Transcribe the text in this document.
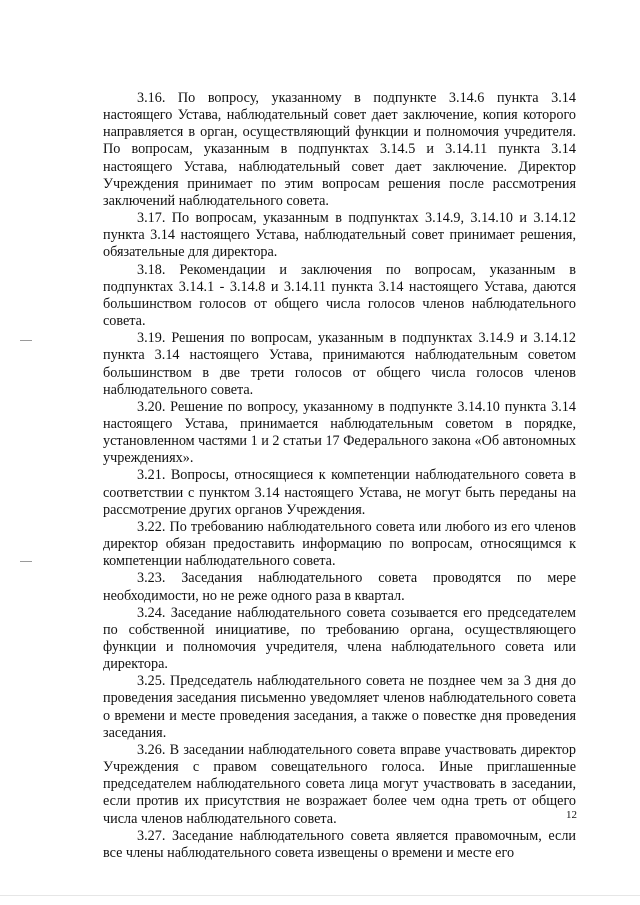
3.16. По вопросу, указанному в подпункте 3.14.6 пункта 3.14 настоящего Устава, наблюдательный совет дает заключение, копия которого направляется в орган, осуществляющий функции и полномочия учредителя. По вопросам, указанным в подпунктах 3.14.5 и 3.14.11 пункта 3.14 настоящего Устава, наблюдательный совет дает заключение. Директор Учреждения принимает по этим вопросам решения после рассмотрения заключений наблюдательного совета.

3.17. По вопросам, указанным в подпунктах 3.14.9, 3.14.10 и 3.14.12 пункта 3.14 настоящего Устава, наблюдательный совет принимает решения, обязательные для директора.

3.18. Рекомендации и заключения по вопросам, указанным в подпунктах 3.14.1 - 3.14.8 и 3.14.11 пункта 3.14 настоящего Устава, даются большинством голосов от общего числа голосов членов наблюдательного совета.

3.19. Решения по вопросам, указанным в подпунктах 3.14.9 и 3.14.12 пункта 3.14 настоящего Устава, принимаются наблюдательным советом большинством в две трети голосов от общего числа голосов членов наблюдательного совета.

3.20. Решение по вопросу, указанному в подпункте 3.14.10 пункта 3.14 настоящего Устава, принимается наблюдательным советом в порядке, установленном частями 1 и 2 статьи 17 Федерального закона «Об автономных учреждениях».

3.21. Вопросы, относящиеся к компетенции наблюдательного совета в соответствии с пунктом 3.14 настоящего Устава, не могут быть переданы на рассмотрение других органов Учреждения.

3.22. По требованию наблюдательного совета или любого из его членов директор обязан предоставить информацию по вопросам, относящимся к компетенции наблюдательного совета.

3.23. Заседания наблюдательного совета проводятся по мере необходимости, но не реже одного раза в квартал.

3.24. Заседание наблюдательного совета созывается его председателем по собственной инициативе, по требованию органа, осуществляющего функции и полномочия учредителя, члена наблюдательного совета или директора.

3.25. Председатель наблюдательного совета не позднее чем за 3 дня до проведения заседания письменно уведомляет членов наблюдательного совета о времени и месте проведения заседания, а также о повестке дня проведения заседания.

3.26. В заседании наблюдательного совета вправе участвовать директор Учреждения с правом совещательного голоса. Иные приглашенные председателем наблюдательного совета лица могут участвовать в заседании, если против их присутствия не возражает более чем одна треть от общего числа членов наблюдательного совета.

3.27. Заседание наблюдательного совета является правомочным, если все члены наблюдательного совета извещены о времени и месте его

12
